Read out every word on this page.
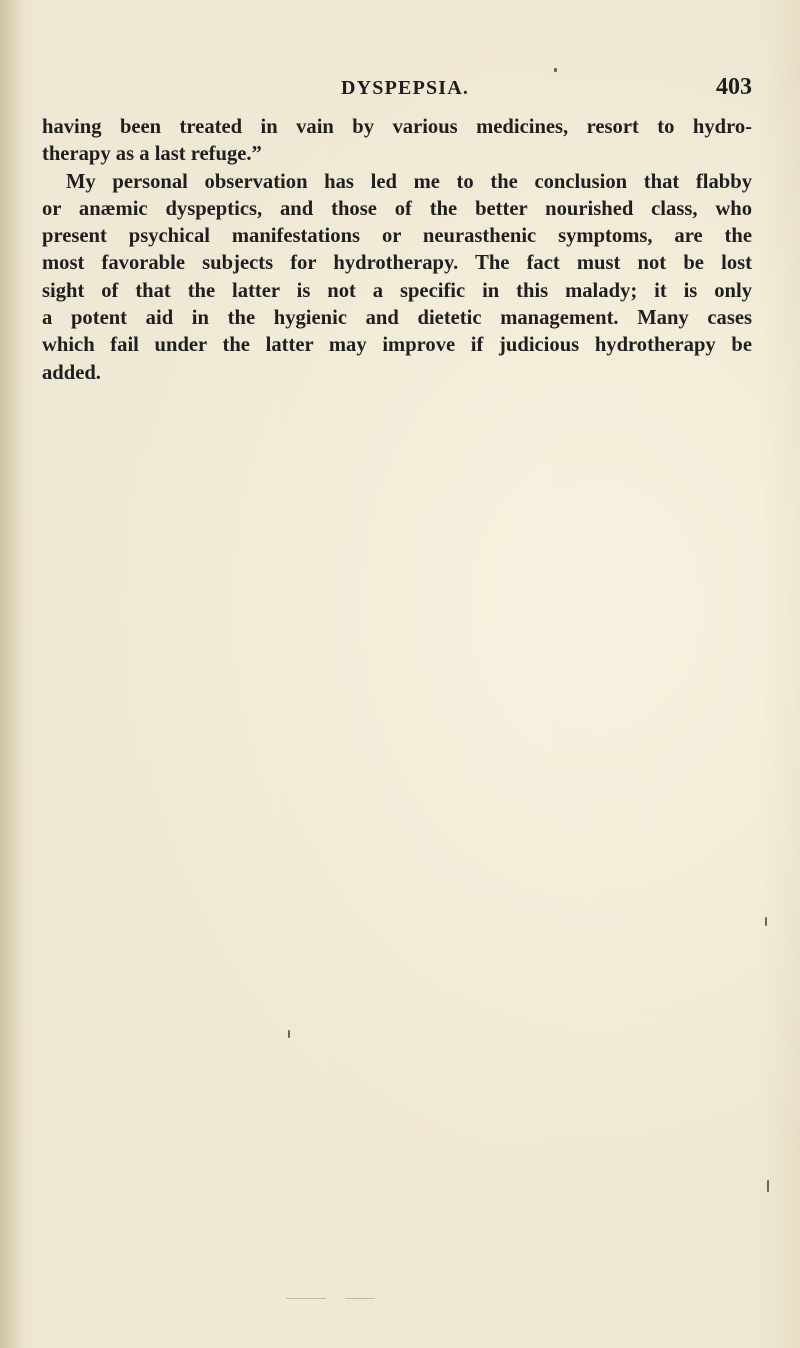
DYSPEPSIA.	403
having been treated in vain by various medicines, resort to hydro-
therapy as a last refuge.”
My personal observation has led me to the conclusion that flabby
or anæmic dyspeptics, and those of the better nourished class, who
present psychical manifestations or neurasthenic symptoms, are the
most favorable subjects for hydrotherapy. The fact must not be lost
sight of that the latter is not a specific in this malady; it is only
a potent aid in the hygienic and dietetic management. Many cases
which fail under the latter may improve if judicious hydrotherapy be
added.
